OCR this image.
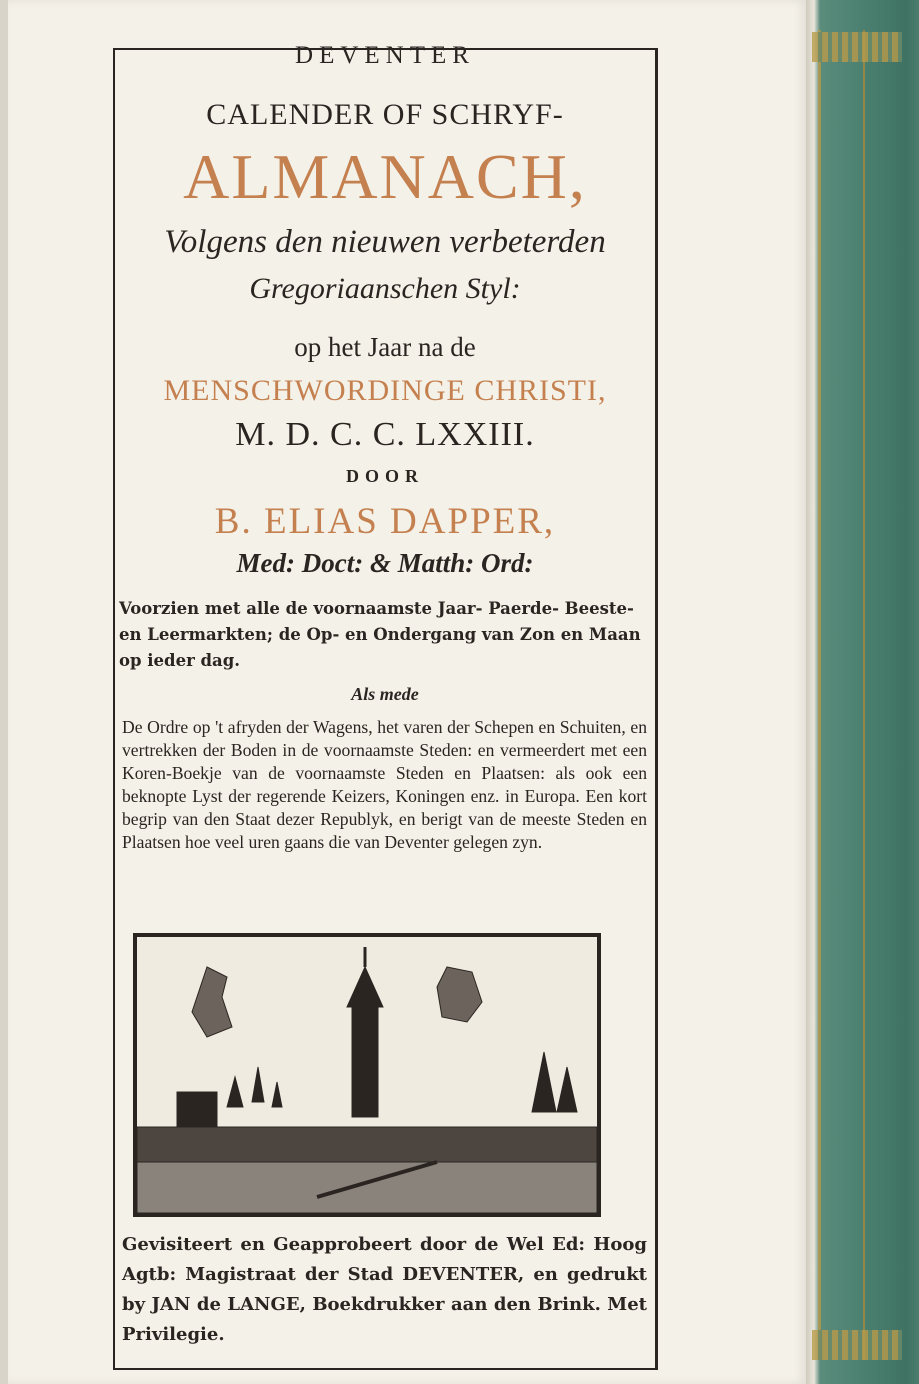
DEVENTER
CALENDER OF SCHRYF-
ALMANACH,
Volgens den nieuwen verbeterden
Gregoriaanschen Styl:
op het Jaar na de
MENSCHWORDINGE CHRISTI,
M. D. C. C. LXXIII.
DOOR
B. ELIAS DAPPER,
Med: Doct: & Matth: Ord:
Voorzien met alle de voornaamste Jaar- Paerde- Beeste- en Leermarkten; de Op- en Ondergang van Zon en Maan op ieder dag.
Als mede
De Ordre op 't afryden der Wagens, het varen der Schepen en Schuiten, en vertrekken der Boden in de voornaamste Steden: en vermeerdert met een Koren-Boekje van de voornaamste Steden en Plaatsen: als ook een beknopte Lyst der regerende Keizers, Koningen enz. in Europa. Een kort begrip van den Staat dezer Republyk, en berigt van de meeste Steden en Plaatsen hoe veel uren gaans die van Deventer gelegen zyn.
Gevisiteert en Geapprobeert door de Wel Ed: Hoog Agtb: Magistraat der Stad DEVENTER, en gedrukt by JAN de LANGE, Boekdrukker aan den Brink. Met Privilegie.
